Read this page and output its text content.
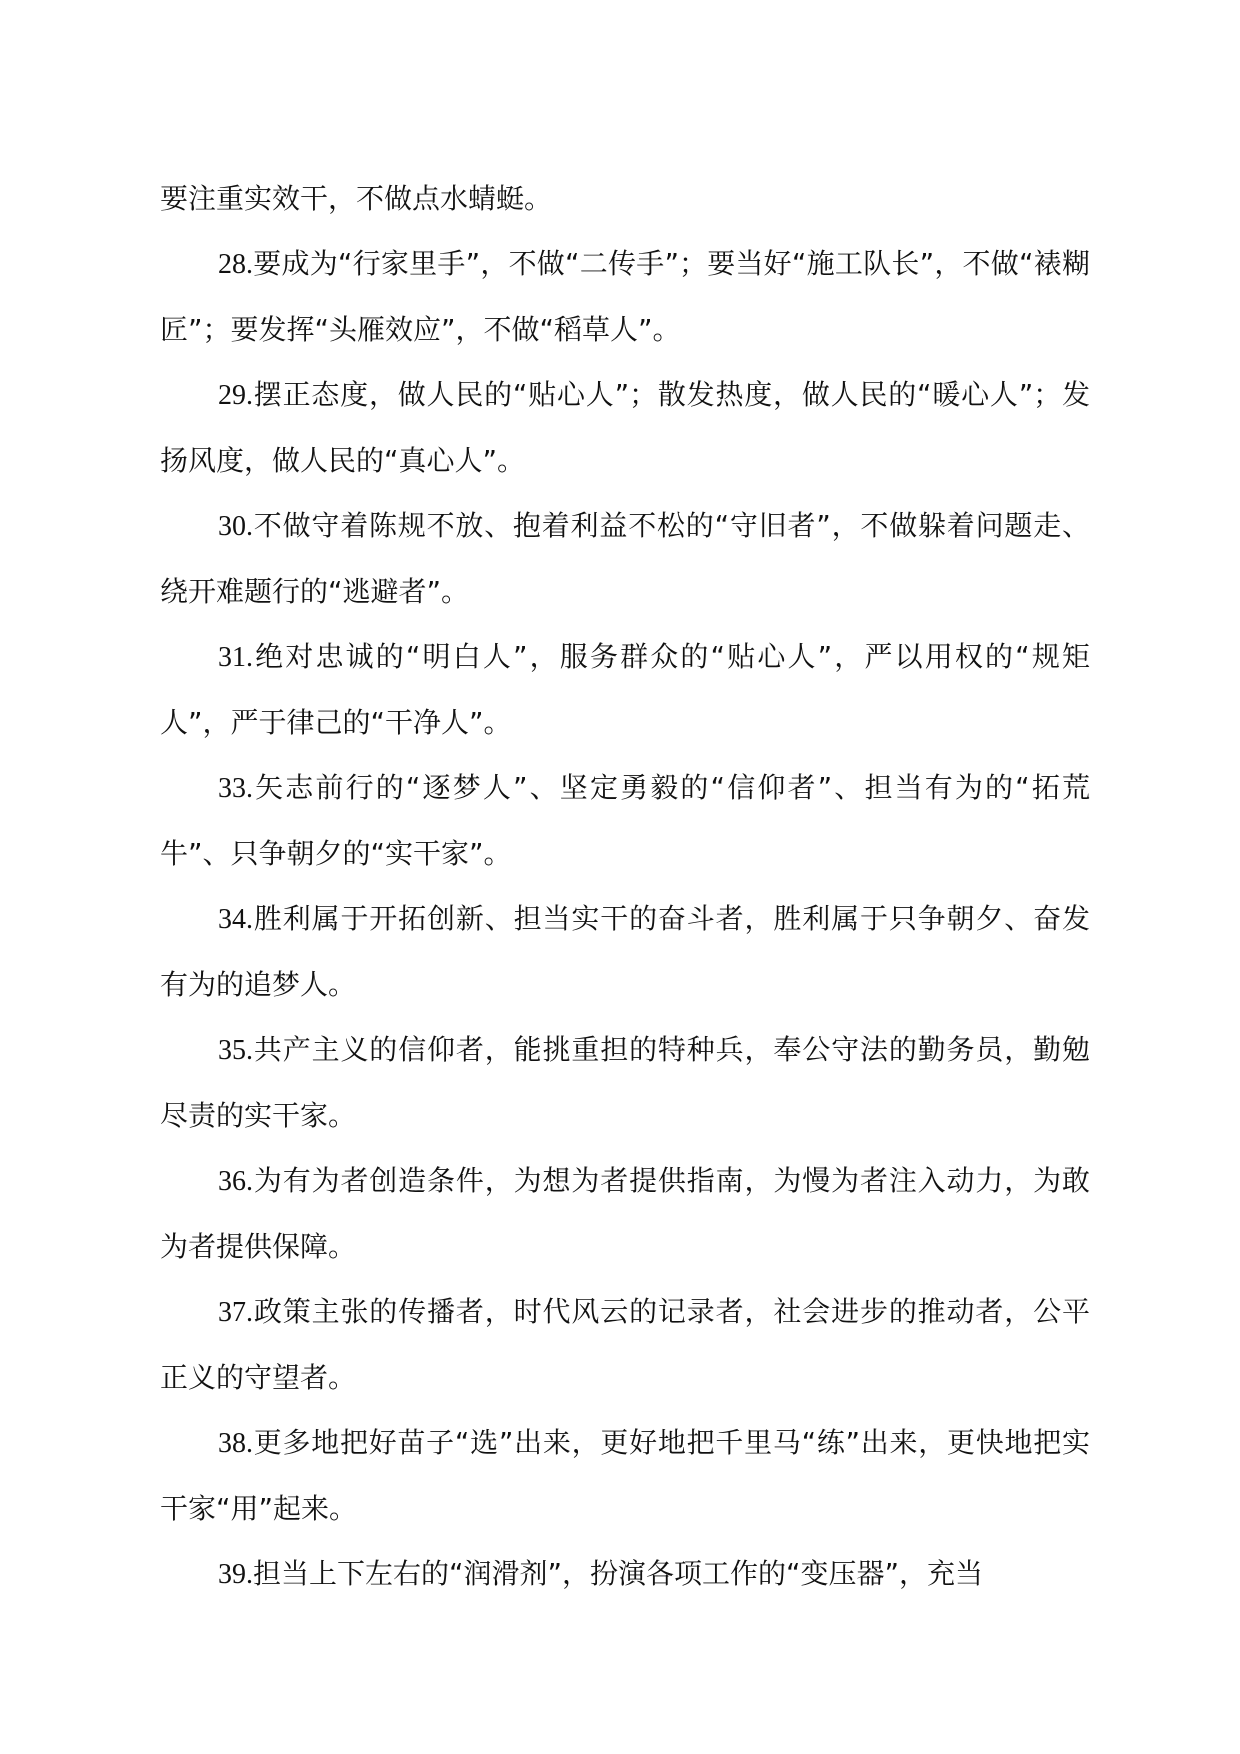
要注重实效干，不做点水蜻蜓。

28.要成为“行家里手”，不做“二传手”；要当好“施工队长”，不做“裱糊匠”；要发挥“头雁效应”，不做“稻草人”。

29.摆正态度，做人民的“贴心人”；散发热度，做人民的“暖心人”；发扬风度，做人民的“真心人”。

30.不做守着陈规不放、抱着利益不松的“守旧者”，不做躲着问题走、绕开难题行的“逃避者”。

31.绝对忠诚的“明白人”，服务群众的“贴心人”，严以用权的“规矩人”，严于律己的“干净人”。

33.矢志前行的“逐梦人”、坚定勇毅的“信仰者”、担当有为的“拓荒牛”、只争朝夕的“实干家”。

34.胜利属于开拓创新、担当实干的奋斗者，胜利属于只争朝夕、奋发有为的追梦人。

35.共产主义的信仰者，能挑重担的特种兵，奉公守法的勤务员，勤勉尽责的实干家。

36.为有为者创造条件，为想为者提供指南，为慢为者注入动力，为敢为者提供保障。

37.政策主张的传播者，时代风云的记录者，社会进步的推动者，公平正义的守望者。

38.更多地把好苗子“选”出来，更好地把千里马“练”出来，更快地把实干家“用”起来。

39.担当上下左右的“润滑剂”，扮演各项工作的“变压器”，充当
